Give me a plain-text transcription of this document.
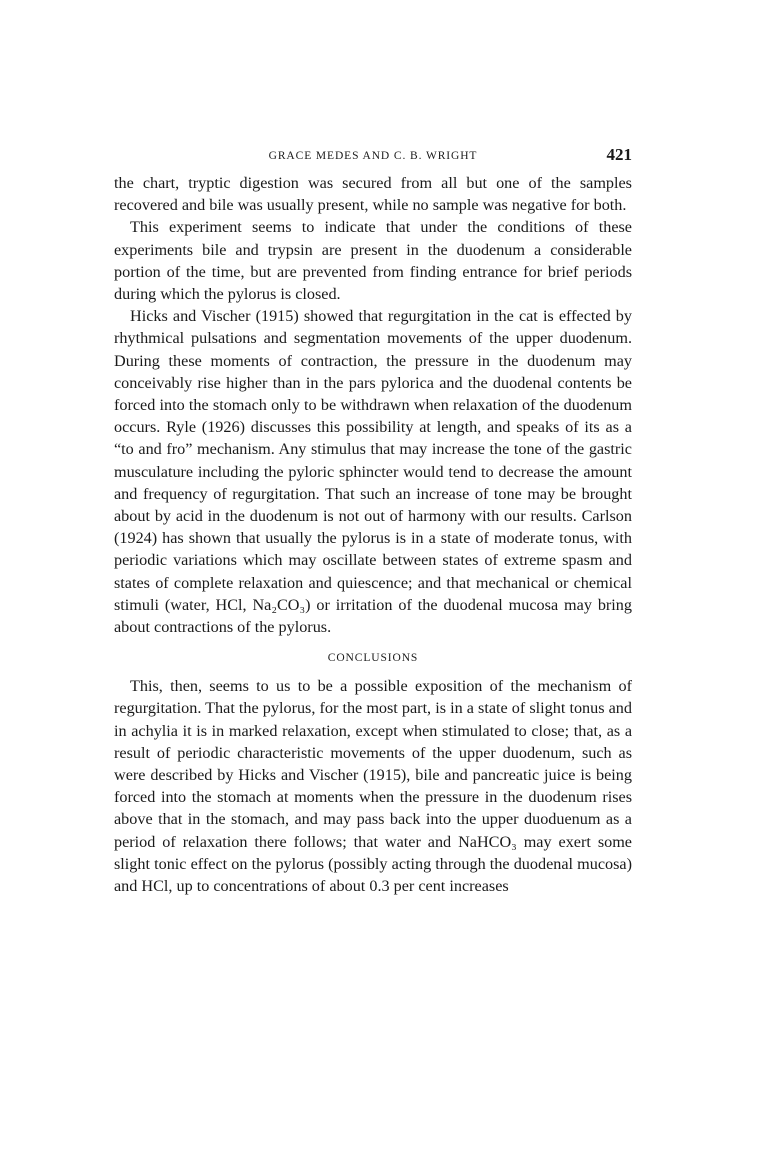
GRACE MEDES AND C. B. WRIGHT	421

the chart, tryptic digestion was secured from all but one of the samples recovered and bile was usually present, while no sample was negative for both.

This experiment seems to indicate that under the conditions of these experiments bile and trypsin are present in the duodenum a considerable portion of the time, but are prevented from finding entrance for brief periods during which the pylorus is closed.

Hicks and Vischer (1915) showed that regurgitation in the cat is effected by rhythmical pulsations and segmentation movements of the upper duodenum. During these moments of contraction, the pressure in the duodenum may conceivably rise higher than in the pars pylorica and the duodenal contents be forced into the stomach only to be withdrawn when relaxation of the duodenum occurs. Ryle (1926) discusses this possibility at length, and speaks of its as a “to and fro” mechanism. Any stimulus that may increase the tone of the gastric musculature including the pyloric sphincter would tend to decrease the amount and frequency of regurgitation. That such an increase of tone may be brought about by acid in the duodenum is not out of harmony with our results. Carlson (1924) has shown that usually the pylorus is in a state of moderate tonus, with periodic variations which may oscillate between states of extreme spasm and states of complete relaxation and quiescence; and that mechanical or chemical stimuli (water, HCl, Na₂CO₃) or irritation of the duodenal mucosa may bring about contractions of the pylorus.

CONCLUSIONS

This, then, seems to us to be a possible exposition of the mechanism of regurgitation. That the pylorus, for the most part, is in a state of slight tonus and in achylia it is in marked relaxation, except when stimulated to close; that, as a result of periodic characteristic movements of the upper duodenum, such as were described by Hicks and Vischer (1915), bile and pancreatic juice is being forced into the stomach at moments when the pressure in the duodenum rises above that in the stomach, and may pass back into the upper duoduenum as a period of relaxation there follows; that water and NaHCO₃ may exert some slight tonic effect on the pylorus (possibly acting through the duodenal mucosa) and HCl, up to concentrations of about 0.3 per cent increases
